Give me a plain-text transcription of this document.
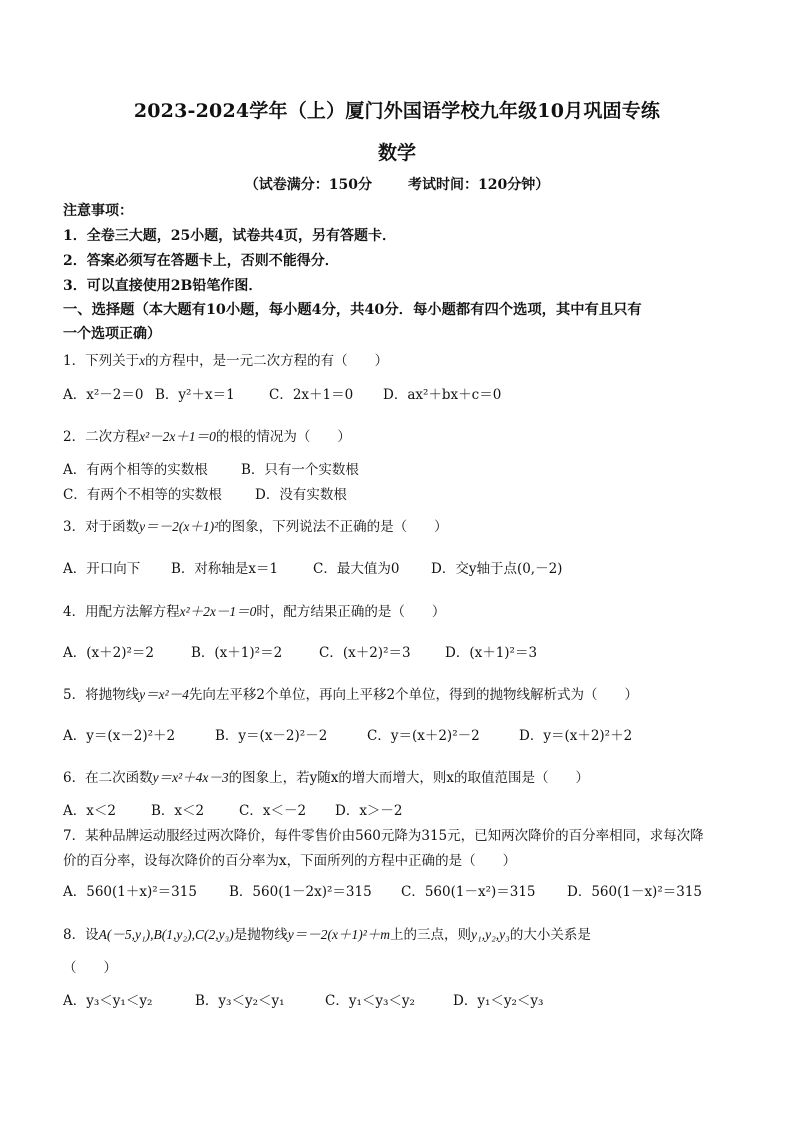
2023-2024学年（上）厦门外国语学校九年级10月巩固专练
数学
（试卷满分：150分	考试时间：120分钟）
注意事项：
1．全卷三大题，25小题，试卷共4页，另有答题卡．
2．答案必须写在答题卡上，否则不能得分．
3．可以直接使用2B铅笔作图．
一、选择题（本大题有10小题，每小题4分，共40分．每小题都有四个选项，其中有且只有
一个选项正确）
1．下列关于x的方程中，是一元二次方程的有（　　）
A．x²－2＝0 B．y²＋x＝1	C．2x＋1＝0 D．ax²＋bx＋c＝0
2．二次方程x²－2x＋1＝0的根的情况为（　　）
A．有两个相等的实数根 B．只有一个实数根
C．有两个不相等的实数根 D．没有实数根
3．对于函数y＝－2(x＋1)²的图象，下列说法不正确的是（　　）
A．开口向下 B．对称轴是x＝1	C．最大值为0 D．交y轴于点(0,－2)
4．用配方法解方程x²＋2x－1＝0时，配方结果正确的是（　　）
A．(x＋2)²＝2	B．(x＋1)²＝2	C．(x＋2)²＝3	D．(x＋1)²＝3
5．将抛物线y＝x²－4先向左平移2个单位，再向上平移2个单位，得到的抛物线解析式为（　　）
A．y＝(x－2)²＋2	B．y＝(x－2)²－2	C．y＝(x＋2)²－2	D．y＝(x＋2)²＋2
6．在二次函数y＝x²＋4x－3的图象上，若y随x的增大而增大，则x的取值范围是（　　）
A．x＜2	B．x＜2	C．x＜－2 D．x＞－2
7．某种品牌运动服经过两次降价，每件零售价由560元降为315元，已知两次降价的百分率相同，求每次降
价的百分率，设每次降价的百分率为x，下面所列的方程中正确的是（　　）
A．560(1＋x)²＝315 B．560(1－2x)²＝315 C．560(1－x²)＝315 D．560(1－x)²＝315
8．设A(－5,y₁),B(1,y₂),C(2,y₃)是抛物线y＝－2(x＋1)²＋m上的三点，则y₁,y₂,y₃的大小关系是
（　　）
A．y₃＜y₁＜y₂	B．y₃＜y₂＜y₁	C．y₁＜y₃＜y₂	D．y₁＜y₂＜y₃
